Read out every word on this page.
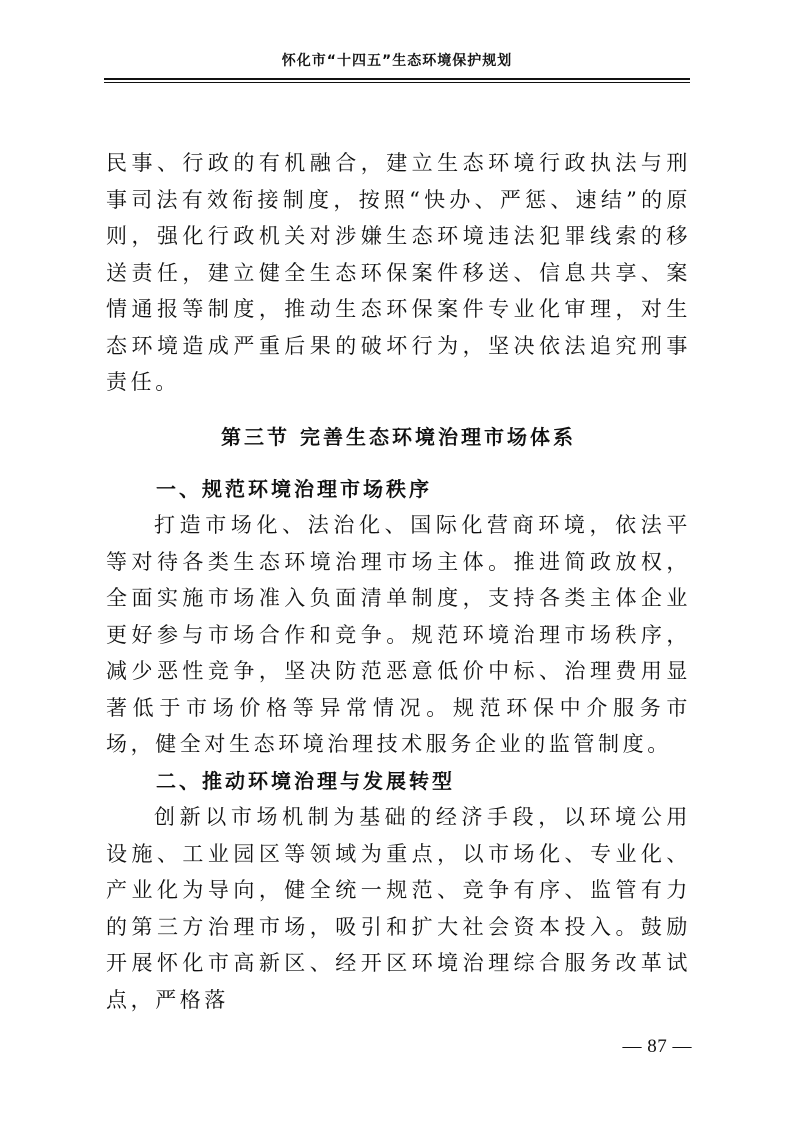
怀化市“十四五”生态环境保护规划

民事、行政的有机融合，建立生态环境行政执法与刑事司法有效衔接制度，按照“快办、严惩、速结”的原则，强化行政机关对涉嫌生态环境违法犯罪线索的移送责任，建立健全生态环保案件移送、信息共享、案情通报等制度，推动生态环保案件专业化审理，对生态环境造成严重后果的破坏行为，坚决依法追究刑事责任。

第三节 完善生态环境治理市场体系
一、规范环境治理市场秩序

打造市场化、法治化、国际化营商环境，依法平等对待各类生态环境治理市场主体。推进简政放权，全面实施市场准入负面清单制度，支持各类主体企业更好参与市场合作和竞争。规范环境治理市场秩序，减少恶性竞争，坚决防范恶意低价中标、治理费用显著低于市场价格等异常情况。规范环保中介服务市场，健全对生态环境治理技术服务企业的监管制度。

二、推动环境治理与发展转型

创新以市场机制为基础的经济手段，以环境公用设施、工业园区等领域为重点，以市场化、专业化、产业化为导向，健全统一规范、竞争有序、监管有力的第三方治理市场，吸引和扩大社会资本投入。鼓励开展怀化市高新区、经开区环境治理综合服务改革试点，严格落

— 87 —
